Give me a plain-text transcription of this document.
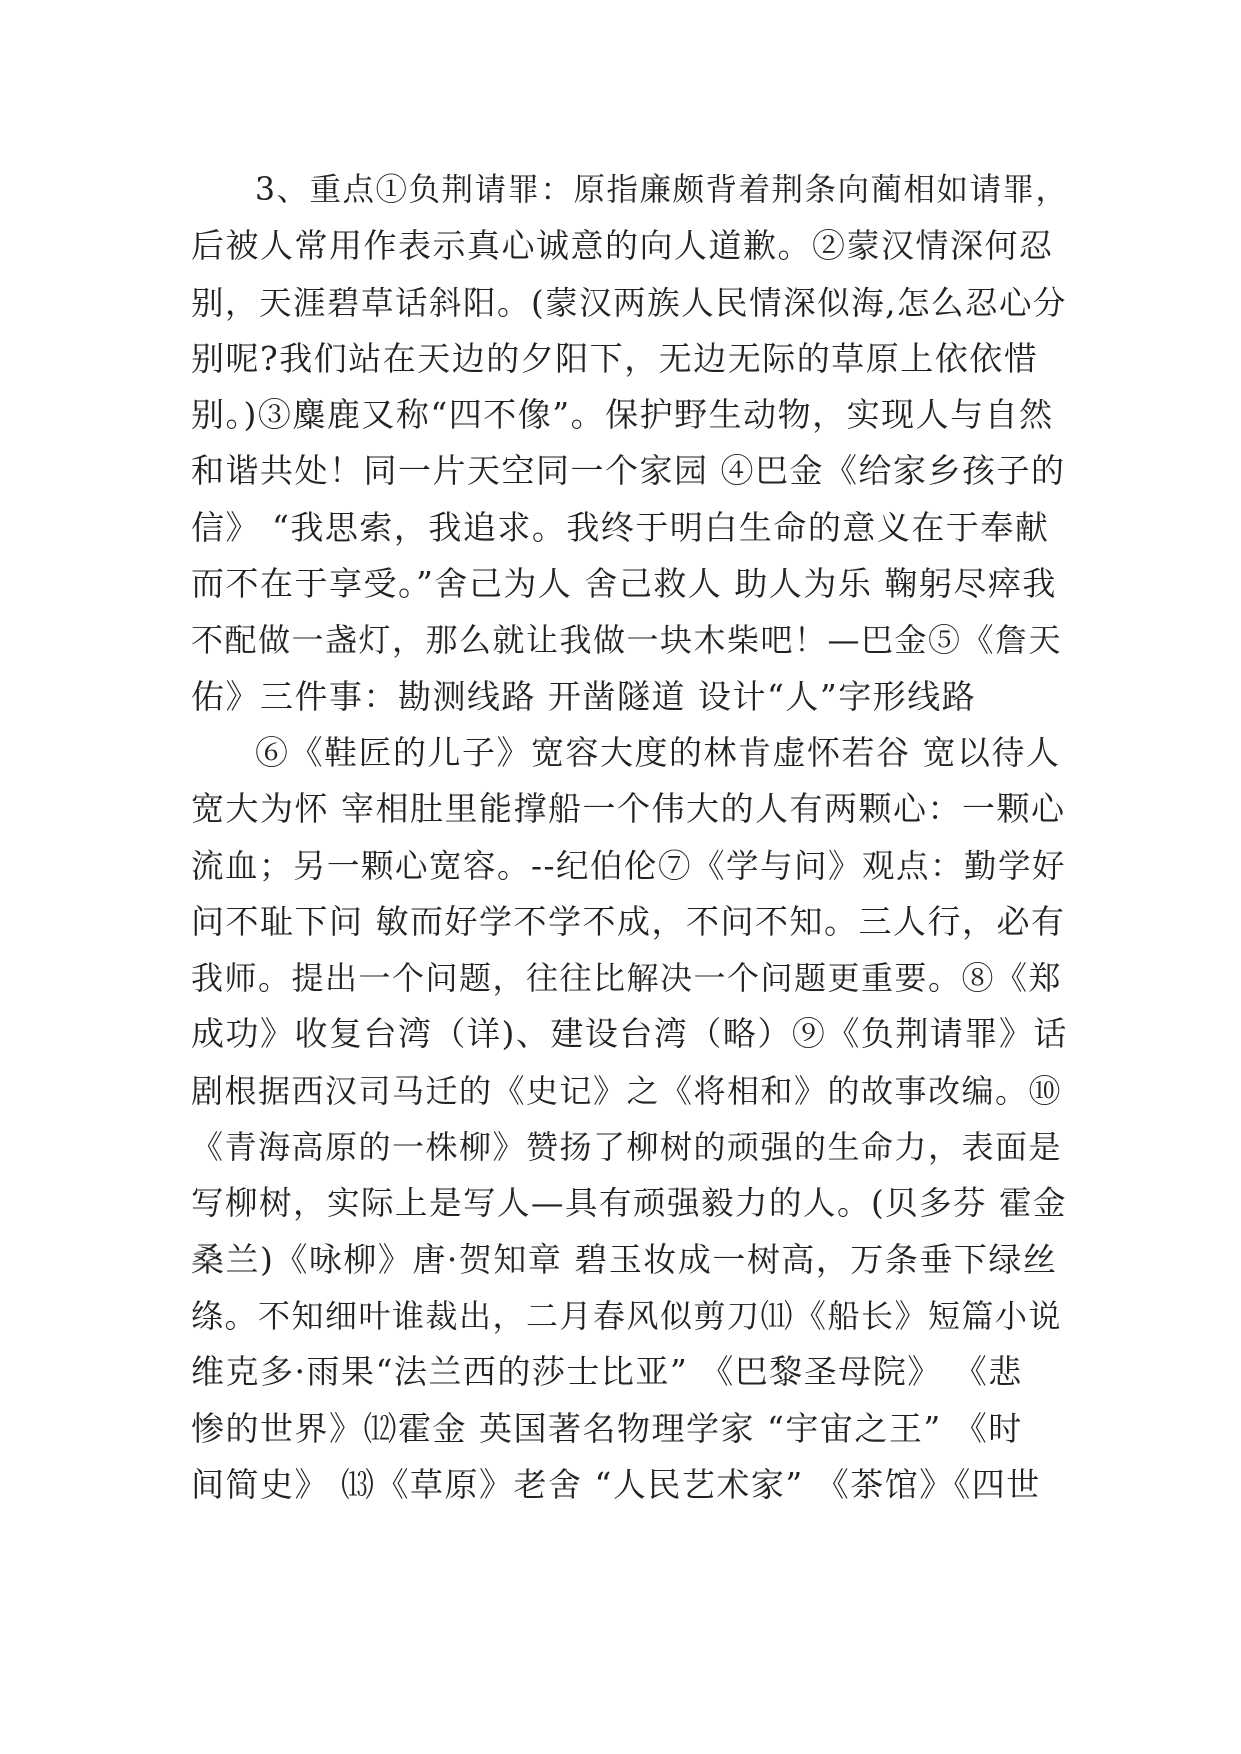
3、重点①负荆请罪：原指廉颇背着荆条向蔺相如请罪，
后被人常用作表示真心诚意的向人道歉。②蒙汉情深何忍
别，天涯碧草话斜阳。(蒙汉两族人民情深似海,怎么忍心分
别呢?我们站在天边的夕阳下，无边无际的草原上依依惜
别。)③麋鹿又称“四不像”。保护野生动物，实现人与自然
和谐共处！同一片天空同一个家园 ④巴金《给家乡孩子的
信》 “我思索，我追求。我终于明白生命的意义在于奉献
而不在于享受。”舍己为人 舍己救人 助人为乐 鞠躬尽瘁我
不配做一盏灯，那么就让我做一块木柴吧！—巴金⑤《詹天
佑》三件事：勘测线路 开凿隧道 设计“人”字形线路
⑥《鞋匠的儿子》宽容大度的林肯虚怀若谷 宽以待人
宽大为怀 宰相肚里能撑船一个伟大的人有两颗心：一颗心
流血；另一颗心宽容。--纪伯伦⑦《学与问》观点：勤学好
问不耻下问 敏而好学不学不成，不问不知。三人行，必有
我师。提出一个问题，往往比解决一个问题更重要。⑧《郑
成功》收复台湾（详)、建设台湾（略）⑨《负荆请罪》话
剧根据西汉司马迁的《史记》之《将相和》的故事改编。⑩
《青海高原的一株柳》赞扬了柳树的顽强的生命力，表面是
写柳树，实际上是写人—具有顽强毅力的人。(贝多芬 霍金
桑兰)《咏柳》唐·贺知章 碧玉妆成一树高，万条垂下绿丝
绦。不知细叶谁裁出，二月春风似剪刀⑾《船长》短篇小说
维克多·雨果“法兰西的莎士比亚” 《巴黎圣母院》 《悲
惨的世界》⑿霍金 英国著名物理学家 “宇宙之王” 《时
间简史》 ⒀《草原》老舍 “人民艺术家” 《茶馆》《四世
